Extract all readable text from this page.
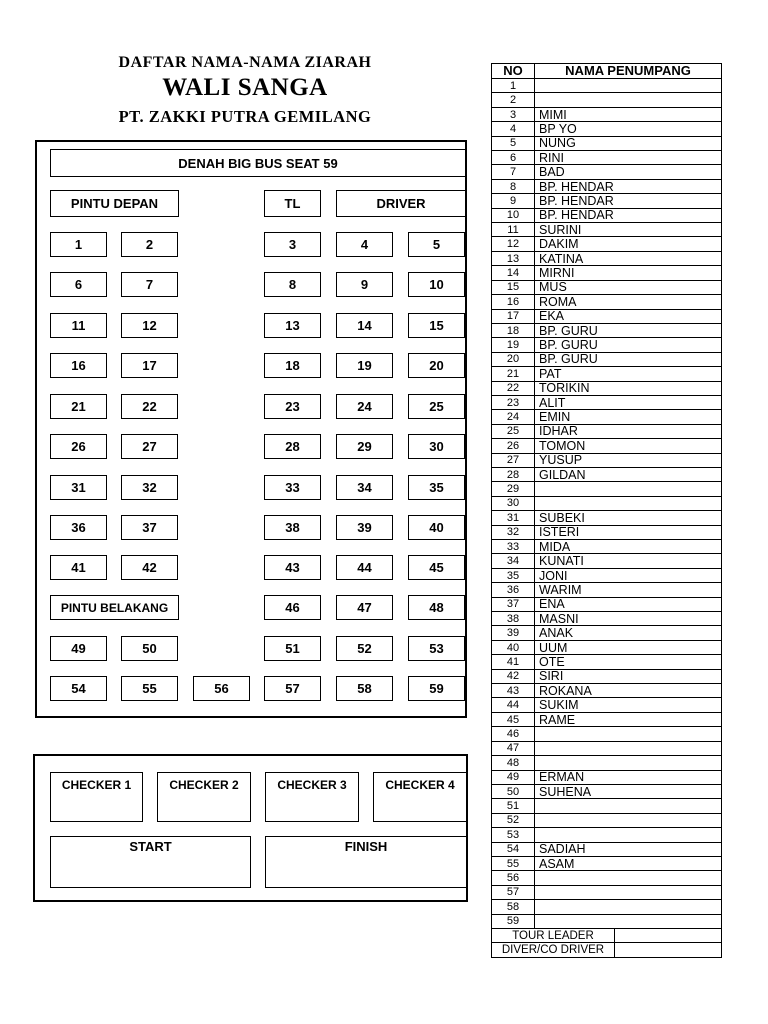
DAFTAR NAMA-NAMA ZIARAH
WALI SANGA
PT. ZAKKI PUTRA GEMILANG
DENAH BIG BUS SEAT 59
PINTU DEPAN	TL	DRIVER
PINTU BELAKANG
1	2	3	4	5
6	7	8	9	10
11	12	13	14	15
16	17	18	19	20
21	22	23	24	25
26	27	28	29	30
31	32	33	34	35
36	37	38	39	40
41	42	43	44	45
46	47	48
49	50	51	52	53
54	55	56	57	58	59
CHECKER 1	CHECKER 2	CHECKER 3	CHECKER 4
START	FINISH
NO	NAMA PENUMPANG	
1		
2		
3	MIMI	
4	BP YO	
5	NUNG	
6	RINI	
7	BAD	
8	BP. HENDAR	
9	BP. HENDAR	
10	BP. HENDAR	
11	SURINI	
12	DAKIM	
13	KATINA	
14	MIRNI	
15	MUS	
16	ROMA	
17	EKA	
18	BP. GURU	
19	BP. GURU	
20	BP. GURU	
21	PAT	
22	TORIKIN	
23	ALIT	
24	EMIN	
25	IDHAR	
26	TOMON	
27	YUSUP	
28	GILDAN	
29		
30		
31	SUBEKI	
32	ISTERI	
33	MIDA	
34	KUNATI	
35	JONI	
36	WARIM	
37	ENA	
38	MASNI	
39	ANAK	
40	UUM	
41	OTE	
42	SIRI	
43	ROKANA	
44	SUKIM	
45	RAME	
46		
47		
48		
49	ERMAN	
50	SUHENA	
51		
52		
53		
54	SADIAH	
55	ASAM	
56		
57		
58		
59		
TOUR LEADER		
DIVER/CO DRIVER		
